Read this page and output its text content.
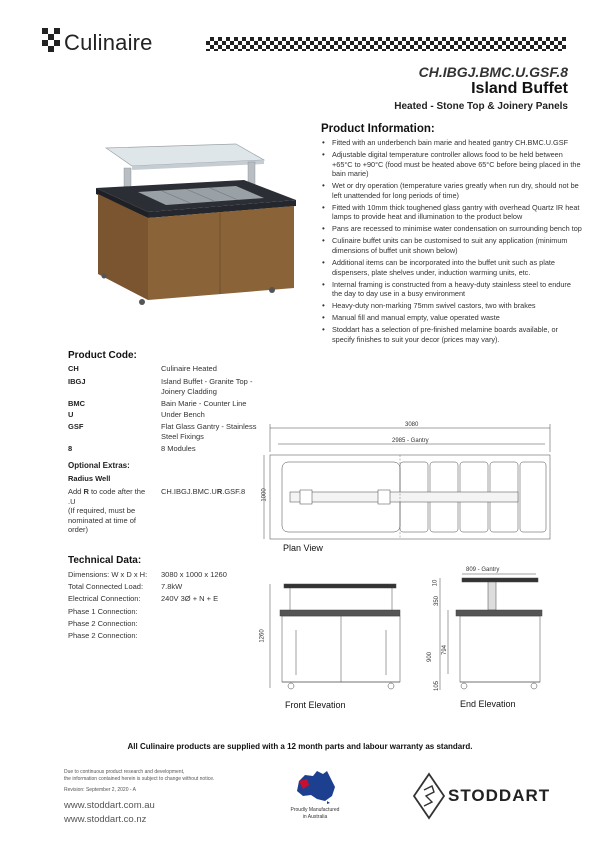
Culinaire
CH.IBGJ.BMC.U.GSF.8
Island Buffet
Heated - Stone Top & Joinery Panels
Product Information:
• Fitted with an underbench bain marie and heated gantry CH.BMC.U.GSF
• Adjustable digital temperature controller allows food to be held between +65°C to +90°C (food must be heated above 65°C before being placed in the bain marie)
• Wet or dry operation (temperature varies greatly when run dry, should not be left unattended for long periods of time)
• Fitted with 10mm thick toughened glass gantry with overhead Quartz IR heat lamps to provide heat and illumination to the product below
• Pans are recessed to minimise water condensation on surrounding bench top
• Culinaire buffet units can be customised to suit any application (minimum dimensions of buffet unit shown below)
• Additional items can be incorporated into the buffet unit such as plate dispensers, plate shelves under, induction warming units, etc.
• Internal framing is constructed from a heavy-duty stainless steel to endure the day to day use in a busy environment
• Heavy-duty non-marking 75mm swivel castors, two with brakes
• Manual fill and manual empty, value operated waste
• Stoddart has a selection of pre-finished melamine boards available, or specify finishes to suit your decor (prices may vary).
Product Code:
CH	Culinaire Heated
IBGJ	Island Buffet - Granite Top - Joinery Cladding
BMC	Bain Marie - Counter Line
U	Under Bench
GSF	Flat Glass Gantry - Stainless Steel Fixings
8	8 Modules
Optional Extras:
Radius Well
Add R to code after the .U
(If required, must be nominated at time of order)
CH.IBGJ.BMC.UR.GSF.8
Technical Data:
Dimensions: W x D x H: 3080 x 1000 x 1260
Total Connected Load: 7.8kW
Electrical Connection:	240V 3Ø + N + E
Phase 1 Connection:
Phase 2 Connection:
Phase 2 Connection:
3080
2985 - Gantry
1000
Plan View
1260
Front Elevation
809 - Gantry
10
350
794
900
105
End Elevation
All Culinaire products are supplied with a 12 month parts and labour warranty as standard.
Due to continuous product research and development,
the information contained herein is subject to change without notice.
Revision: September 2, 2020 - A
www.stoddart.com.au
www.stoddart.co.nz
Proudly Manufactured
in Australia
STODDART
